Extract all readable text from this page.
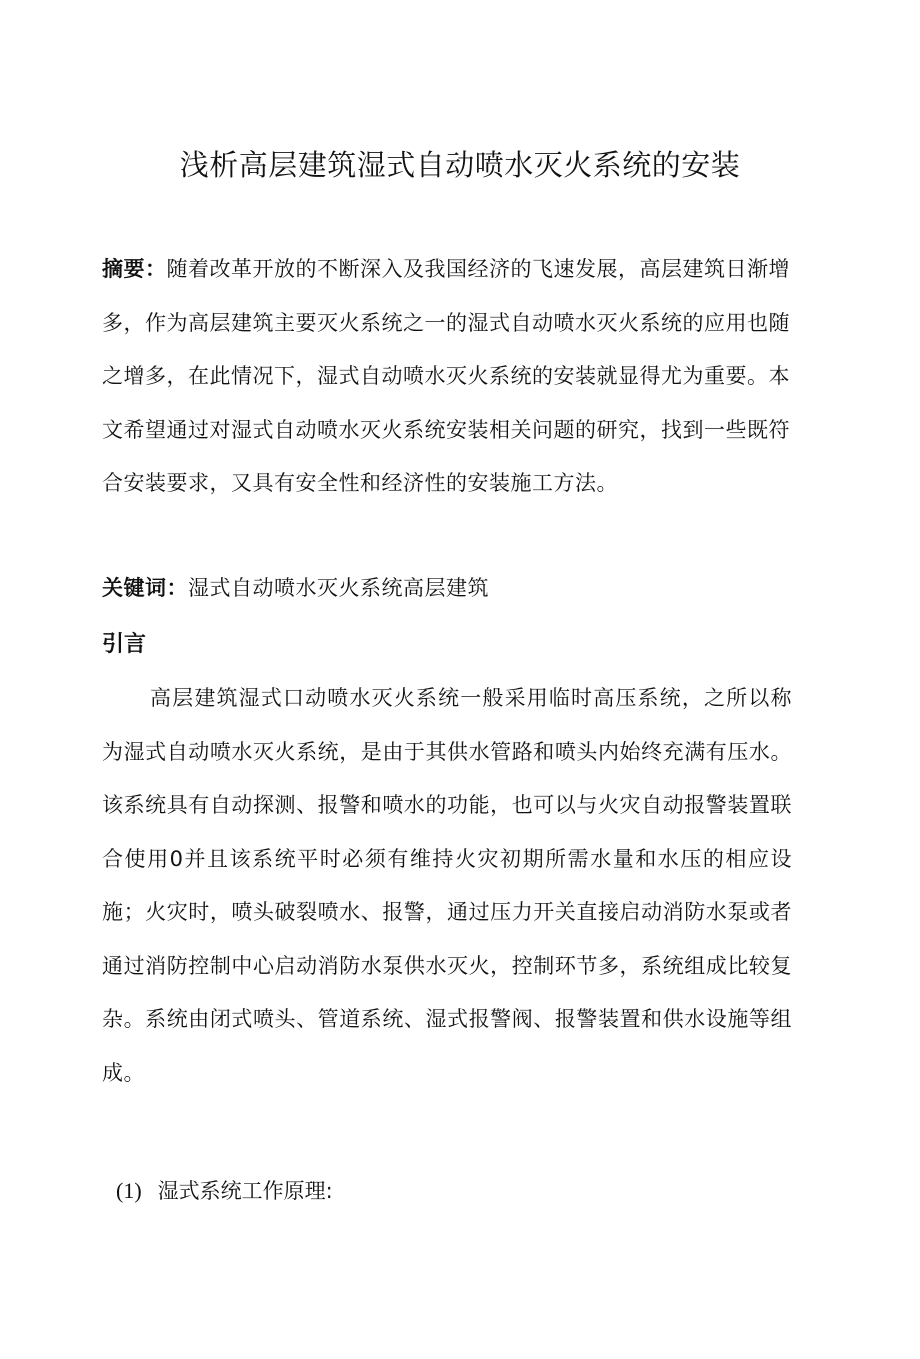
浅析高层建筑湿式自动喷水灭火系统的安装

摘要：随着改革开放的不断深入及我国经济的飞速发展，高层建筑日渐增多，作为高层建筑主要灭火系统之一的湿式自动喷水灭火系统的应用也随之增多，在此情况下，湿式自动喷水灭火系统的安装就显得尤为重要。本文希望通过对湿式自动喷水灭火系统安装相关问题的研究，找到一些既符合安装要求，又具有安全性和经济性的安装施工方法。

关键词：湿式自动喷水灭火系统高层建筑

引言

高层建筑湿式口动喷水灭火系统一般采用临时高压系统，之所以称为湿式自动喷水灭火系统，是由于其供水管路和喷头内始终充满有压水。该系统具有自动探测、报警和喷水的功能，也可以与火灾自动报警装置联合使用0并且该系统平时必须有维持火灾初期所需水量和水压的相应设施；火灾时，喷头破裂喷水、报警，通过压力开关直接启动消防水泵或者通过消防控制中心启动消防水泵供水灭火，控制环节多，系统组成比较复杂。系统由闭式喷头、管道系统、湿式报警阀、报警装置和供水设施等组成。

(1) 湿式系统工作原理:
